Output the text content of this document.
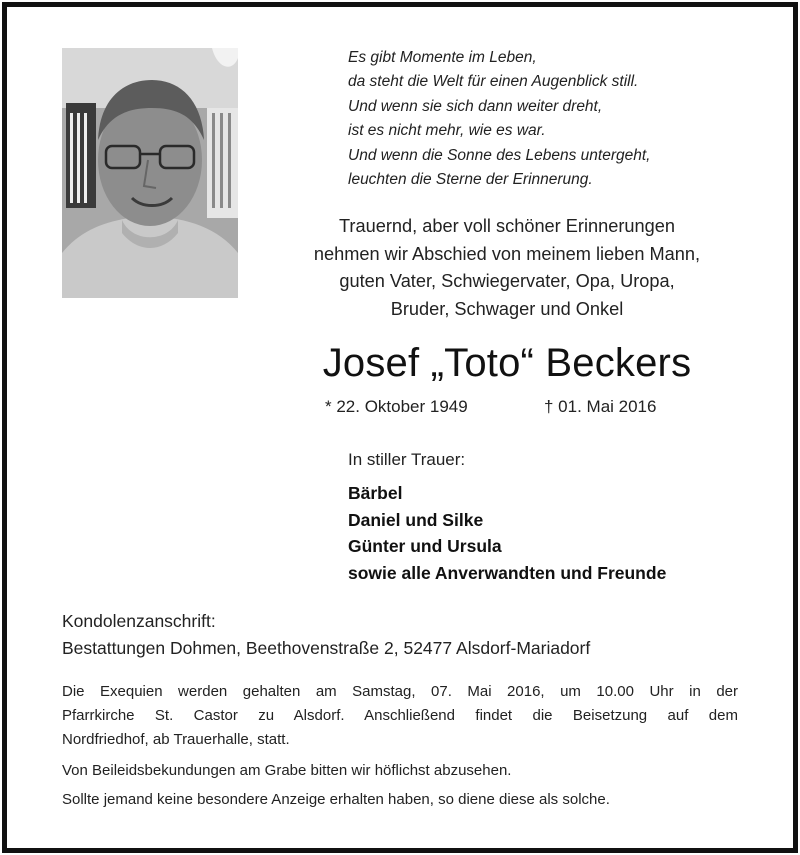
Es gibt Momente im Leben,
da steht die Welt für einen Augenblick still.
Und wenn sie sich dann weiter dreht,
ist es nicht mehr, wie es war.
Und wenn die Sonne des Lebens untergeht,
leuchten die Sterne der Erinnerung.
Trauernd, aber voll schöner Erinnerungen
nehmen wir Abschied von meinem lieben Mann,
guten Vater, Schwiegervater, Opa, Uropa,
Bruder, Schwager und Onkel
Josef „Toto“ Beckers
* 22. Oktober 1949	† 01. Mai 2016
In stiller Trauer:
Bärbel
Daniel und Silke
Günter und Ursula
sowie alle Anverwandten und Freunde
Kondolenzanschrift:
Bestattungen Dohmen, Beethovenstraße 2, 52477 Alsdorf-Mariadorf
Die Exequien werden gehalten am Samstag, 07. Mai 2016, um 10.00 Uhr in der
Pfarrkirche St. Castor zu Alsdorf. Anschließend findet die Beisetzung auf dem
Nordfriedhof, ab Trauerhalle, statt.
Von Beileidsbekundungen am Grabe bitten wir höflichst abzusehen.
Sollte jemand keine besondere Anzeige erhalten haben, so diene diese als solche.
